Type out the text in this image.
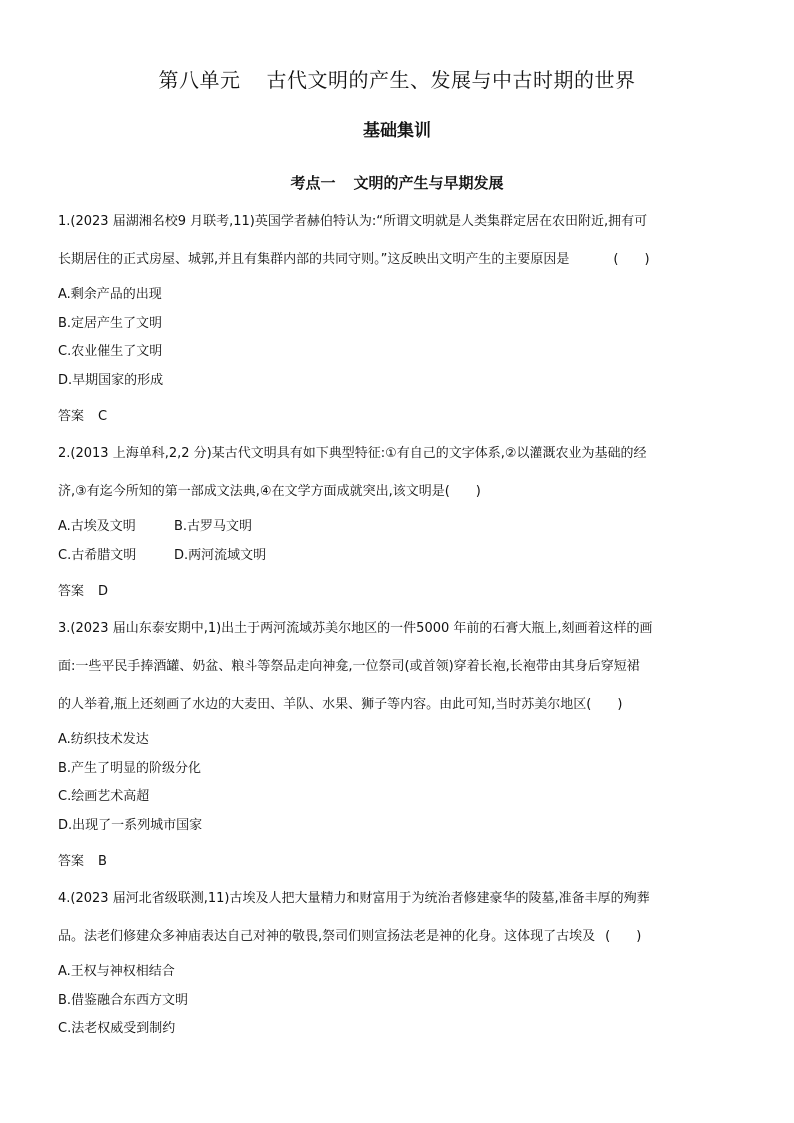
第八单元 古代文明的产生、发展与中古时期的世界
基础集训
考点一 文明的产生与早期发展

1.(2023 届湖湘名校9 月联考,11)英国学者赫伯特认为:“所谓文明就是人类集群定居在农田附近,拥有可

长期居住的正式房屋、城郭,并且有集群内部的共同守则。”这反映出文明产生的主要原因是	(　　)

A.剩余产品的出现

B.定居产生了文明

C.农业催生了文明

D.早期国家的形成

答案 C

2.(2013 上海单科,2,2 分)某古代文明具有如下典型特征:①有自己的文字体系,②以灌溉农业为基础的经

济,③有迄今所知的第一部成文法典,④在文学方面成就突出,该文明是(　　)

A.古埃及文明	B.古罗马文明

C.古希腊文明	D.两河流域文明

答案 D

3.(2023 届山东泰安期中,1)出土于两河流域苏美尔地区的一件5000 年前的石膏大瓶上,刻画着这样的画

面:一些平民手捧酒罐、奶盆、粮斗等祭品走向神龛,一位祭司(或首领)穿着长袍,长袍带由其身后穿短裙

的人举着,瓶上还刻画了水边的大麦田、羊队、水果、狮子等内容。由此可知,当时苏美尔地区(　　)

A.纺织技术发达

B.产生了明显的阶级分化

C.绘画艺术高超

D.出现了一系列城市国家

答案 B

4.(2023 届河北省级联测,11)古埃及人把大量精力和财富用于为统治者修建豪华的陵墓,准备丰厚的殉葬

品。法老们修建众多神庙表达自己对神的敬畏,祭司们则宣扬法老是神的化身。这体现了古埃及 (　　)

A.王权与神权相结合

B.借鉴融合东西方文明

C.法老权威受到制约
